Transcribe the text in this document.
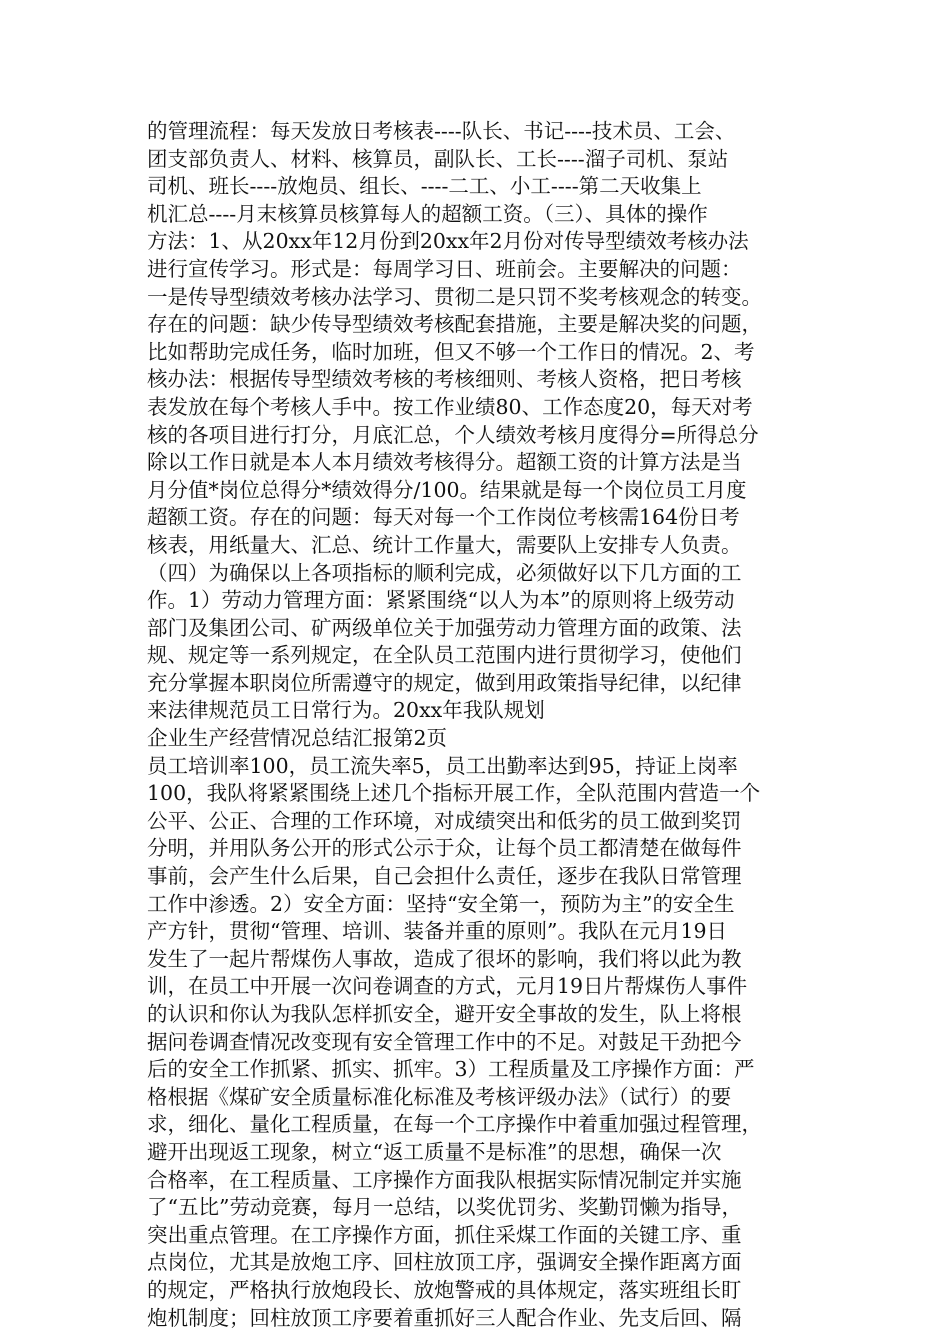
的管理流程：每天发放日考核表----队长、书记----技术员、工会、
团支部负责人、材料、核算员，副队长、工长----溜子司机、泵站
司机、班长----放炮员、组长、----二工、小工----第二天收集上
机汇总----月末核算员核算每人的超额工资。（三）、具体的操作
方法：1、从20xx年12月份到20xx年2月份对传导型绩效考核办法
进行宣传学习。形式是：每周学习日、班前会。主要解决的问题：
一是传导型绩效考核办法学习、贯彻二是只罚不奖考核观念的转变。
存在的问题：缺少传导型绩效考核配套措施，主要是解决奖的问题，
比如帮助完成任务，临时加班，但又不够一个工作日的情况。2、考
核办法：根据传导型绩效考核的考核细则、考核人资格，把日考核
表发放在每个考核人手中。按工作业绩80、工作态度20，每天对考
核的各项目进行打分，月底汇总，个人绩效考核月度得分=所得总分
除以工作日就是本人本月绩效考核得分。超额工资的计算方法是当
月分值*岗位总得分*绩效得分/100。结果就是每一个岗位员工月度
超额工资。存在的问题：每天对每一个工作岗位考核需164份日考
核表，用纸量大、汇总、统计工作量大，需要队上安排专人负责。
（四）为确保以上各项指标的顺利完成，必须做好以下几方面的工
作。1）劳动力管理方面：紧紧围绕“以人为本”的原则将上级劳动
部门及集团公司、矿两级单位关于加强劳动力管理方面的政策、法
规、规定等一系列规定，在全队员工范围内进行贯彻学习，使他们
充分掌握本职岗位所需遵守的规定，做到用政策指导纪律，以纪律
来法律规范员工日常行为。20xx年我队规划
企业生产经营情况总结汇报第2页
员工培训率100，员工流失率5，员工出勤率达到95，持证上岗率
100，我队将紧紧围绕上述几个指标开展工作，全队范围内营造一个
公平、公正、合理的工作环境，对成绩突出和低劣的员工做到奖罚
分明，并用队务公开的形式公示于众，让每个员工都清楚在做每件
事前，会产生什么后果，自己会担什么责任，逐步在我队日常管理
工作中渗透。2）安全方面：坚持“安全第一，预防为主”的安全生
产方针，贯彻“管理、培训、装备并重的原则”。我队在元月19日
发生了一起片帮煤伤人事故，造成了很坏的影响，我们将以此为教
训，在员工中开展一次问卷调查的方式，元月19日片帮煤伤人事件
的认识和你认为我队怎样抓安全，避开安全事故的发生，队上将根
据问卷调查情况改变现有安全管理工作中的不足。对鼓足干劲把今
后的安全工作抓紧、抓实、抓牢。3）工程质量及工序操作方面：严
格根据《煤矿安全质量标准化标准及考核评级办法》（试行）的要
求，细化、量化工程质量，在每一个工序操作中着重加强过程管理，
避开出现返工现象，树立“返工质量不是标准”的思想，确保一次
合格率，在工程质量、工序操作方面我队根据实际情况制定并实施
了“五比”劳动竞赛，每月一总结，以奖优罚劣、奖勤罚懒为指导，
突出重点管理。在工序操作方面，抓住采煤工作面的关键工序、重
点岗位，尤其是放炮工序、回柱放顶工序，强调安全操作距离方面
的规定，严格执行放炮段长、放炮警戒的具体规定，落实班组长盯
炮机制度；回柱放顶工序要着重抓好三人配合作业、先支后回、隔
